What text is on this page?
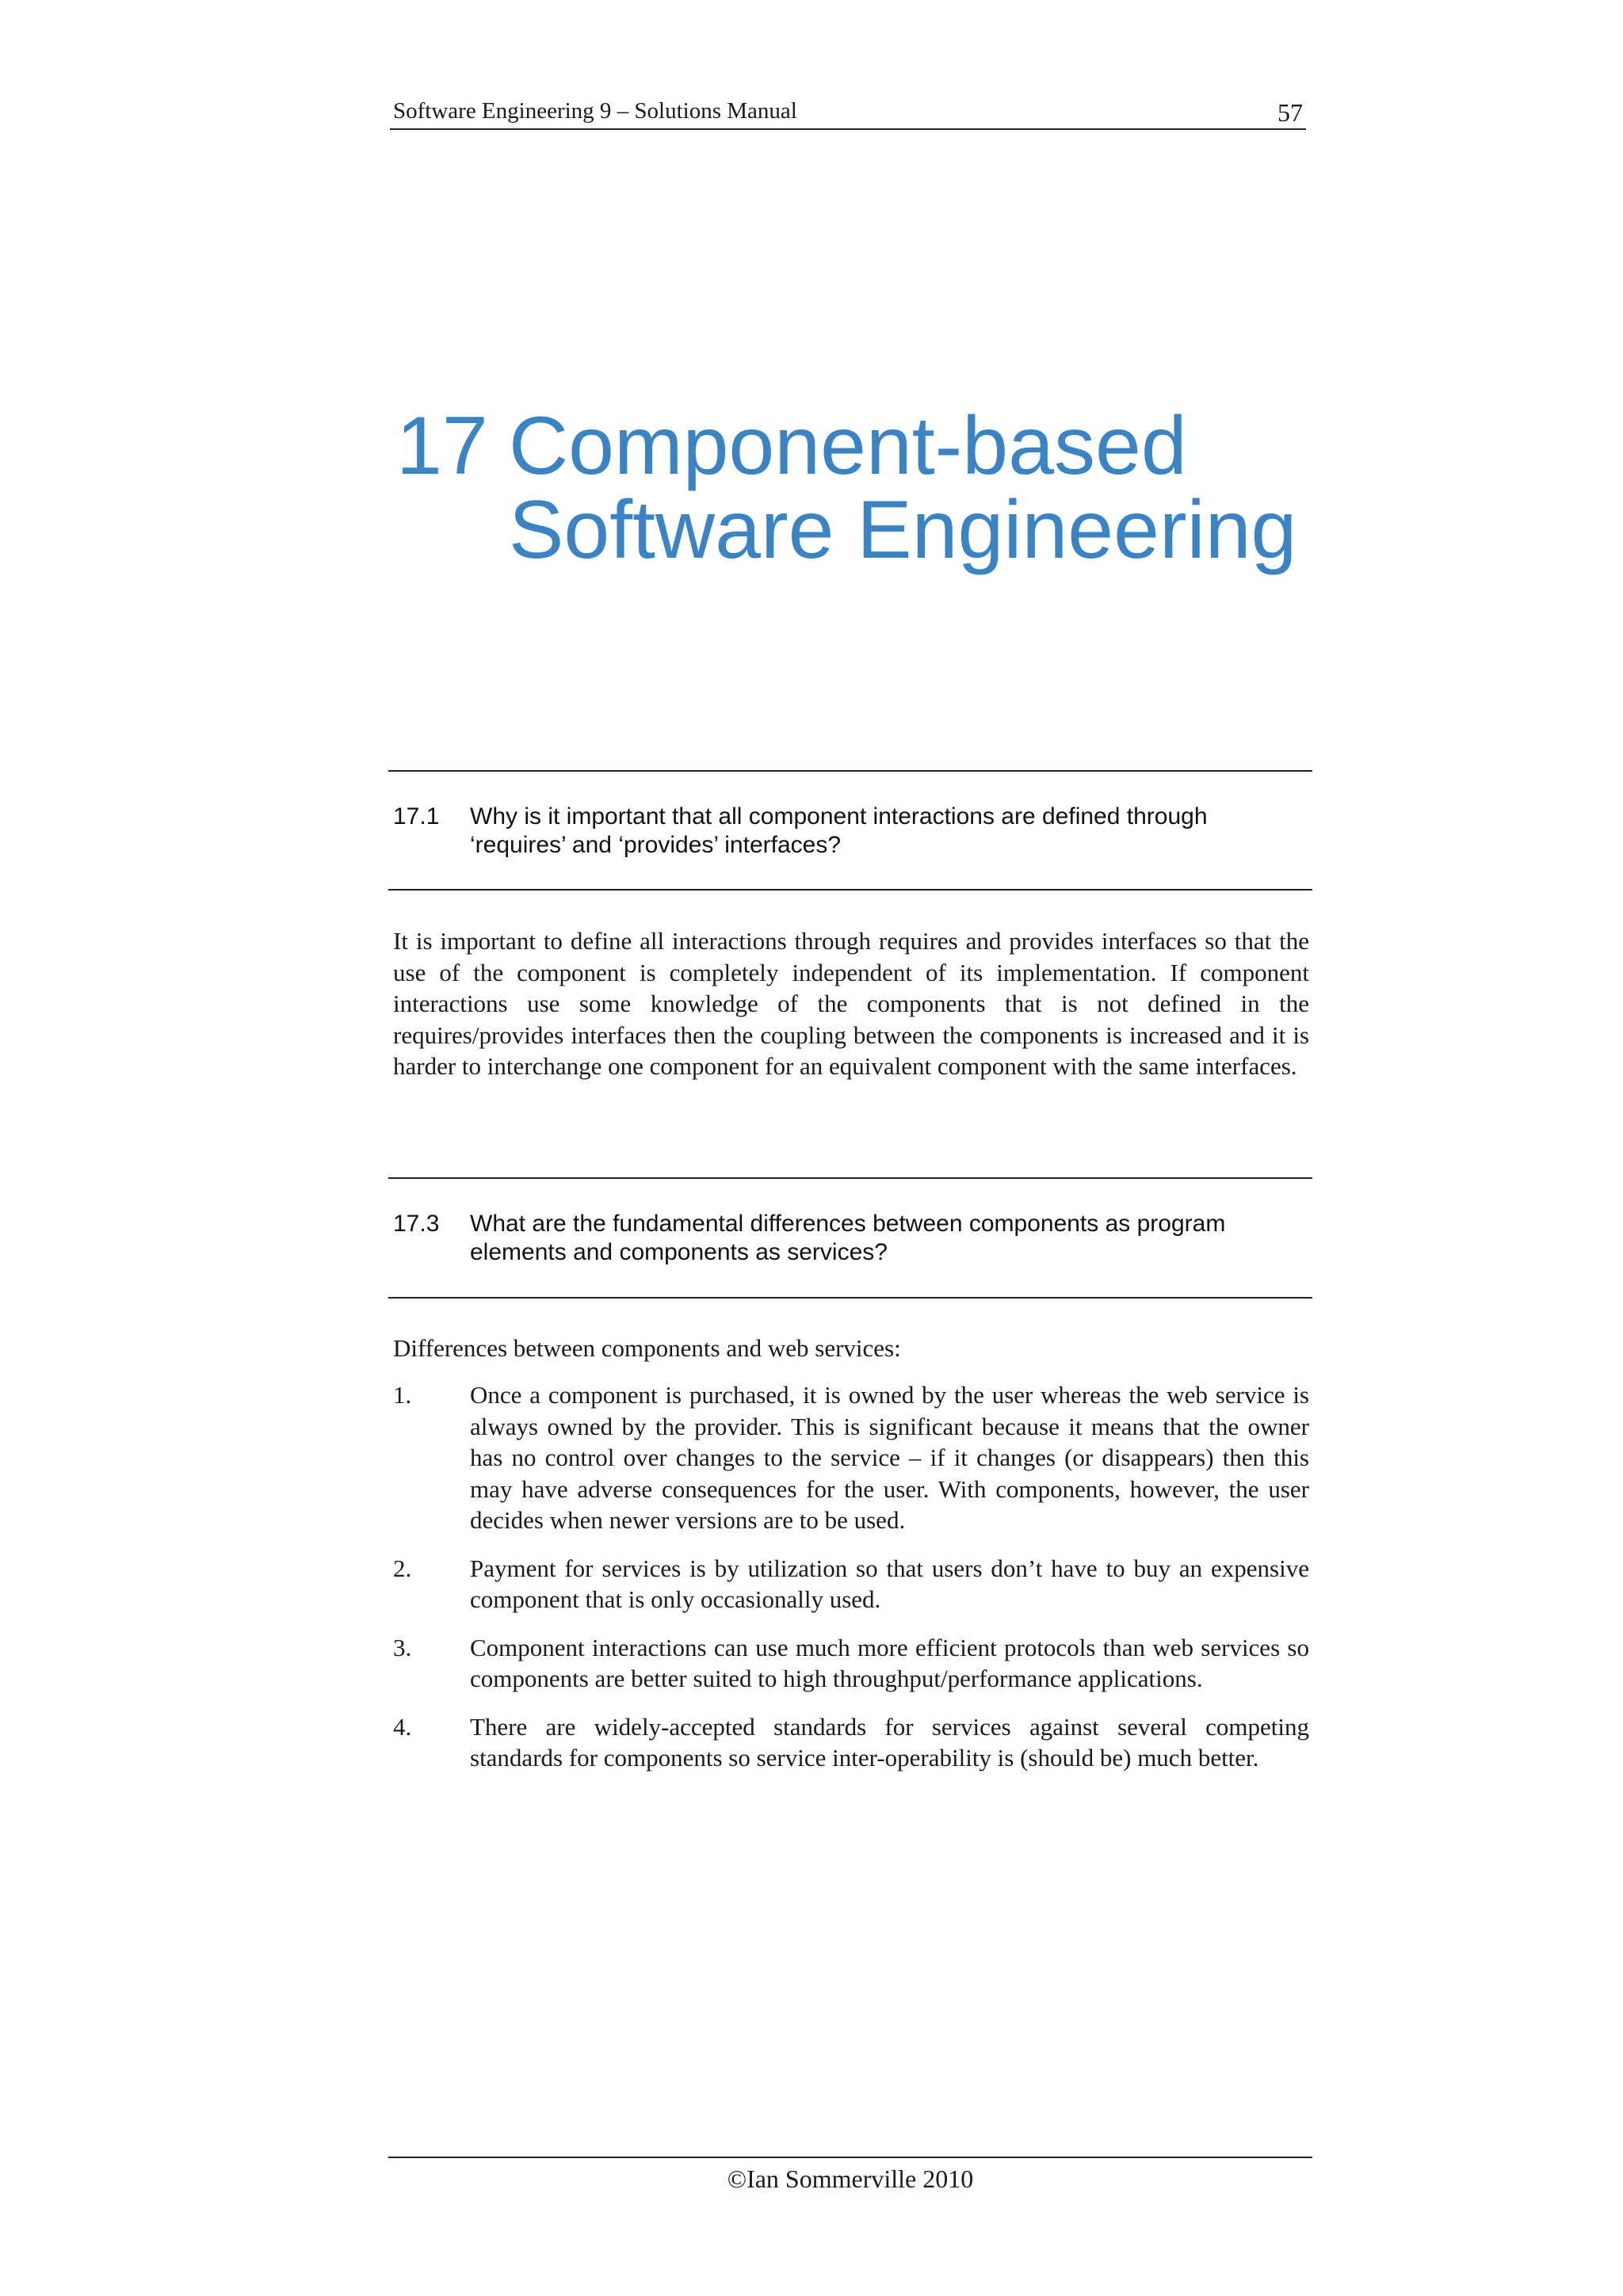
Software Engineering 9 – Solutions Manual	57
17 Component-based
Software Engineering
17.1 Why is it important that all component interactions are defined through ‘requires’ and ‘provides’ interfaces?
It is important to define all interactions through requires and provides interfaces so that the use of the component is completely independent of its implementation. If component interactions use some knowledge of the components that is not defined in the requires/provides interfaces then the coupling between the components is increased and it is harder to interchange one component for an equivalent component with the same interfaces.
17.3 What are the fundamental differences between components as program elements and components as services?
Differences between components and web services:
1. Once a component is purchased, it is owned by the user whereas the web service is always owned by the provider. This is significant because it means that the owner has no control over changes to the service – if it changes (or disappears) then this may have adverse consequences for the user. With components, however, the user decides when newer versions are to be used.
2. Payment for services is by utilization so that users don’t have to buy an expensive component that is only occasionally used.
3. Component interactions can use much more efficient protocols than web services so components are better suited to high throughput/performance applications.
4. There are widely-accepted standards for services against several competing standards for components so service inter-operability is (should be) much better.
©Ian Sommerville 2010
